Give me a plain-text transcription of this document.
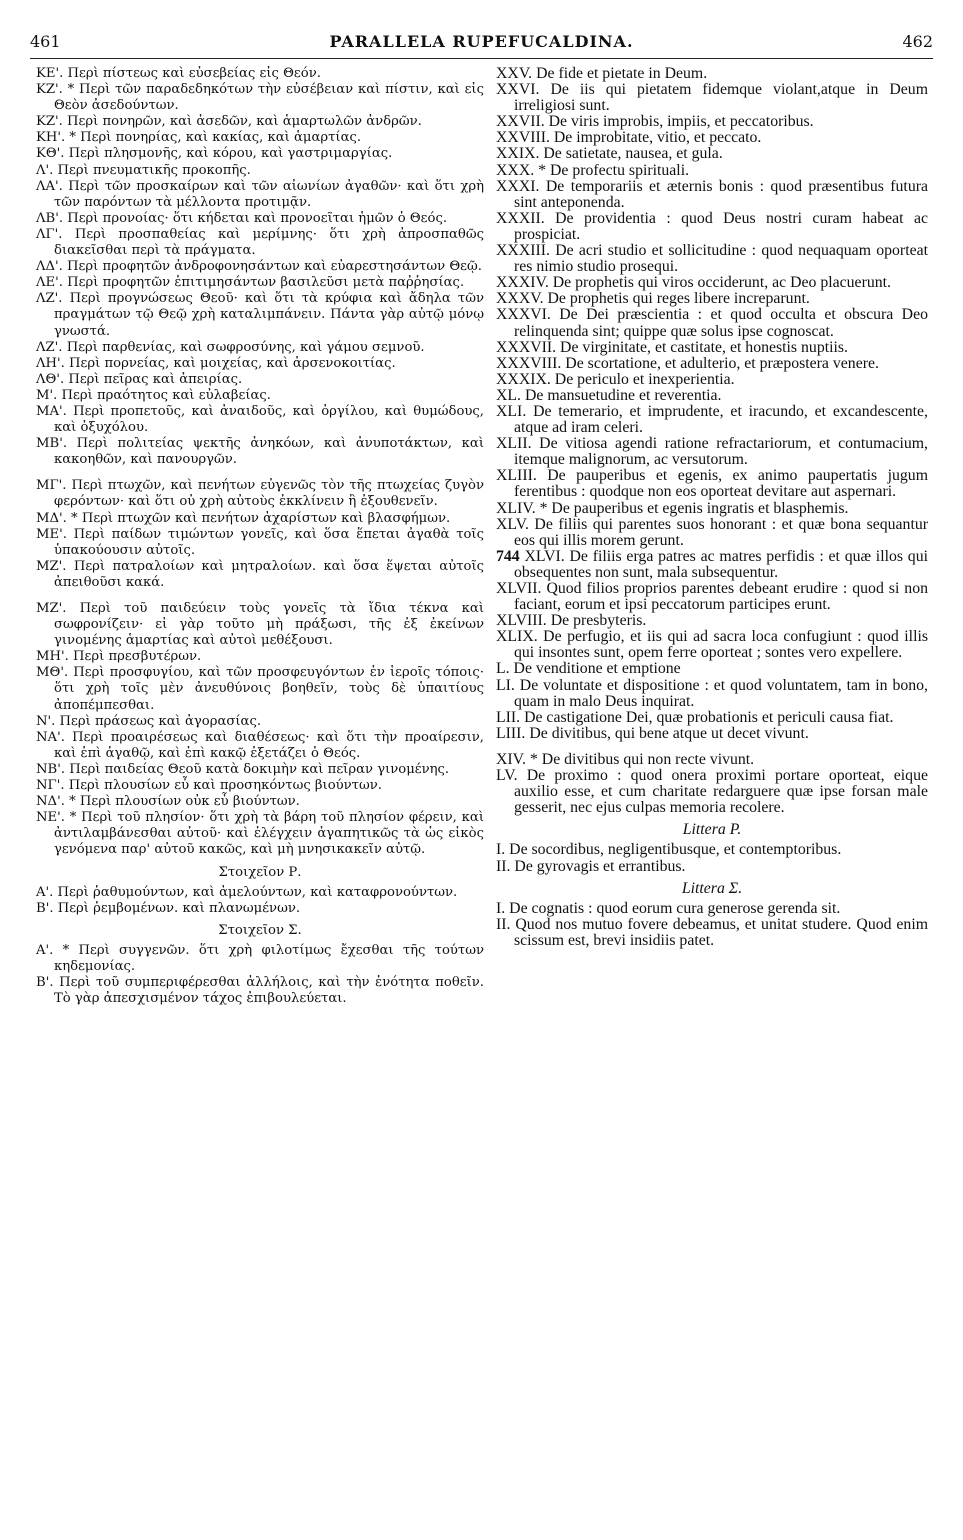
461	PARALLELA RUPEFUCALDINA.	462
ΚΕ'. Περὶ πίστεως καὶ εὐσεβείας εἰς Θεόν.
ΚΖ'. * Περὶ τῶν παραδεδηκότων τὴν εὐσέβειαν καὶ πίστιν, καὶ εἰς Θεὸν ἀσεδούντων.
ΚΖ'. Περὶ πονηρῶν, καὶ ἀσεδῶν, καὶ ἁμαρτωλῶν ἀνδρῶν.
ΚΗ'. * Περὶ πονηρίας, καὶ κακίας, καὶ ἁμαρτίας.
ΚΘ'. Περὶ πλησμονῆς, καὶ κόρου, καὶ γαστριμαργίας.
Λ'. Περὶ πνευματικῆς προκοπῆς.
ΛΑ'. Περὶ τῶν προσκαίρων καὶ τῶν αἰωνίων ἀγαθῶν· καὶ ὅτι χρὴ τῶν παρόντων τὰ μέλλοντα προτιμᾷν.
ΛΒ'. Περὶ προνοίας· ὅτι κήδεται καὶ προνοεῖται ἡμῶν ὁ Θεός.
ΛΓ'. Περὶ προσπαθείας καὶ μερίμνης· ὅτι χρὴ ἀπροσπαθῶς διακεῖσθαι περὶ τὰ πράγματα.
ΛΔ'. Περὶ προφητῶν ἀνδροφονησάντων καὶ εὐαρεστησάντων Θεῷ.
ΛΕ'. Περὶ προφητῶν ἐπιτιμησάντων βασιλεῦσι μετὰ παῤῥησίας.
ΛΖ'. Περὶ προγνώσεως Θεοῦ· καὶ ὅτι τὰ κρύφια καὶ ἄδηλα τῶν πραγμάτων τῷ Θεῷ χρὴ καταλιμπάνειν. Πάντα γὰρ αὐτῷ μόνῳ γνωστά.
ΛΖ'. Περὶ παρθενίας, καὶ σωφροσύνης, καὶ γάμου σεμνοῦ.
ΛΗ'. Περὶ πορνείας, καὶ μοιχείας, καὶ ἀρσενοκοιτίας.
ΛΘ'. Περὶ πεῖρας καὶ ἀπειρίας.
Μ'. Περὶ πραότητος καὶ εὐλαβείας.
ΜΑ'. Περὶ προπετοῦς, καὶ ἀναιδοῦς, καὶ ὀργίλου, καὶ θυμώδους, καὶ ὀξυχόλου.
ΜΒ'. Περὶ πολιτείας ψεκτῆς ἀνηκόων, καὶ ἀνυποτάκτων, καὶ κακοηθῶν, καὶ πανουργῶν.
ΜΓ'. Περὶ πτωχῶν, καὶ πενήτων εὐγενῶς τὸν τῆς πτωχείας ζυγὸν φερόντων· καὶ ὅτι οὐ χρὴ αὐτοὺς ἐκκλίνειν ἢ ἐξουθενεῖν.
ΜΔ'. * Περὶ πτωχῶν καὶ πενήτων ἀχαρίστων καὶ βλασφήμων.
ΜΕ'. Περὶ παίδων τιμώντων γονεῖς, καὶ ὅσα ἕπεται ἀγαθὰ τοῖς ὑπακούουσιν αὐτοῖς.
ΜΖ'. Περὶ πατραλοίων καὶ μητραλοίων. καὶ ὅσα ἕψεται αὐτοῖς ἀπειθοῦσι κακά.
ΜΖ'. Περὶ τοῦ παιδεύειν τοὺς γονεῖς τὰ ἴδια τέκνα καὶ σωφρονίζειν· εἰ γὰρ τοῦτο μὴ πράξωσι, τῆς ἐξ ἐκείνων γινομένης ἁμαρτίας καὶ αὐτοὶ μεθέξουσι.
ΜΗ'. Περὶ πρεσβυτέρων.
ΜΘ'. Περὶ προσφυγίου, καὶ τῶν προσφευγόντων ἐν ἱεροῖς τόποις· ὅτι χρὴ τοῖς μὲν ἀνευθύνοις βοηθεῖν, τοὺς δὲ ὑπαιτίους ἀποπέμπεσθαι.
Ν'. Περὶ πράσεως καὶ ἀγορασίας.
ΝΑ'. Περὶ προαιρέσεως καὶ διαθέσεως· καὶ ὅτι τὴν προαίρεσιν, καὶ ἐπὶ ἀγαθῷ, καὶ ἐπὶ κακῷ ἐξετάζει ὁ Θεός.
ΝΒ'. Περὶ παιδείας Θεοῦ κατὰ δοκιμὴν καὶ πεῖραν γινομένης.
ΝΓ'. Περὶ πλουσίων εὖ καὶ προσηκόντως βιούντων.
ΝΔ'. * Περὶ πλουσίων οὐκ εὖ βιούντων.
ΝΕ'. * Περὶ τοῦ πλησίον· ὅτι χρὴ τὰ βάρη τοῦ πλησίον φέρειν, καὶ ἀντιλαμβάνεσθαι αὐτοῦ· καὶ ἐλέγχειν ἀγαπητικῶς τὰ ὡς εἰκὸς γενόμενα παρ' αὐτοῦ κακῶς, καὶ μὴ μνησικακεῖν αὐτῷ.
Στοιχεῖον Ρ.
Α'. Περὶ ῥαθυμούντων, καὶ ἀμελούντων, καὶ καταφρονούντων.
Β'. Περὶ ῥεμβομένων. καὶ πλανωμένων.
Στοιχεῖον Σ.
Α'. * Περὶ συγγενῶν. ὅτι χρὴ φιλοτίμως ἔχεσθαι τῆς τούτων κηδεμονίας.
Β'. Περὶ τοῦ συμπεριφέρεσθαι ἀλλήλοις, καὶ τὴν ἑνότητα ποθεῖν. Τὸ γὰρ ἀπεσχισμένον τάχος ἐπιβουλεύεται.
XXV. De fide et pietate in Deum.
XXVI. De iis qui pietatem fidemque violant,atque in Deum irreligiosi sunt.
XXVII. De viris improbis, impiis, et peccatoribus.
XXVIII. De improbitate, vitio, et peccato.
XXIX. De satietate, nausea, et gula.
XXX. * De profectu spirituali.
XXXI. De temporariis et æternis bonis : quod præsentibus futura sint anteponenda.
XXXII. De providentia : quod Deus nostri curam habeat ac prospiciat.
XXXIII. De acri studio et sollicitudine : quod nequaquam oporteat res nimio studio prosequi.
XXXIV. De prophetis qui viros occiderunt, ac Deo placuerunt.
XXXV. De prophetis qui reges libere increparunt.
XXXVI. De Dei præscientia : et quod occulta et obscura Deo relinquenda sint; quippe quæ solus ipse cognoscat.
XXXVII. De virginitate, et castitate, et honestis nuptiis.
XXXVIII. De scortatione, et adulterio, et præpostera venere.
XXXIX. De periculo et inexperientia.
XL. De mansuetudine et reverentia.
XLI. De temerario, et imprudente, et iracundo, et excandescente, atque ad iram celeri.
XLII. De vitiosa agendi ratione refractariorum, et contumacium, itemque malignorum, ac versutorum.
XLIII. De pauperibus et egenis, ex animo paupertatis jugum ferentibus : quodque non eos oporteat devitare aut aspernari.
XLIV. * De pauperibus et egenis ingratis et blasphemis.
XLV. De filiis qui parentes suos honorant : et quæ bona sequantur eos qui illis morem gerunt.
744 XLVI. De filiis erga patres ac matres perfidis : et quæ illos qui obsequentes non sunt, mala subsequentur.
XLVII. Quod filios proprios parentes debeant erudire : quod si non faciant, eorum et ipsi peccatorum participes erunt.
XLVIII. De presbyteris.
XLIX. De perfugio, et iis qui ad sacra loca confugiunt : quod illis qui insontes sunt, opem ferre oporteat ; sontes vero expellere.
L. De venditione et emptione
LI. De voluntate et dispositione : et quod voluntatem, tam in bono, quam in malo Deus inquirat.
LII. De castigatione Dei, quæ probationis et periculi causa fiat.
LIII. De divitibus, qui bene atque ut decet vivunt.
XIV. * De divitibus qui non recte vivunt.
LV. De proximo : quod onera proximi portare oporteat, eique auxilio esse, et cum charitate redarguere quæ ipse forsan male gesserit, nec ejus culpas memoria recolere.
Littera P.
I. De socordibus, negligentibusque, et contemptoribus.
II. De gyrovagis et errantibus.
Littera Σ.
I. De cognatis : quod eorum cura generose gerenda sit.
II. Quod nos mutuo fovere debeamus, et unitat studere. Quod enim scissum est, brevi insidiis patet.
